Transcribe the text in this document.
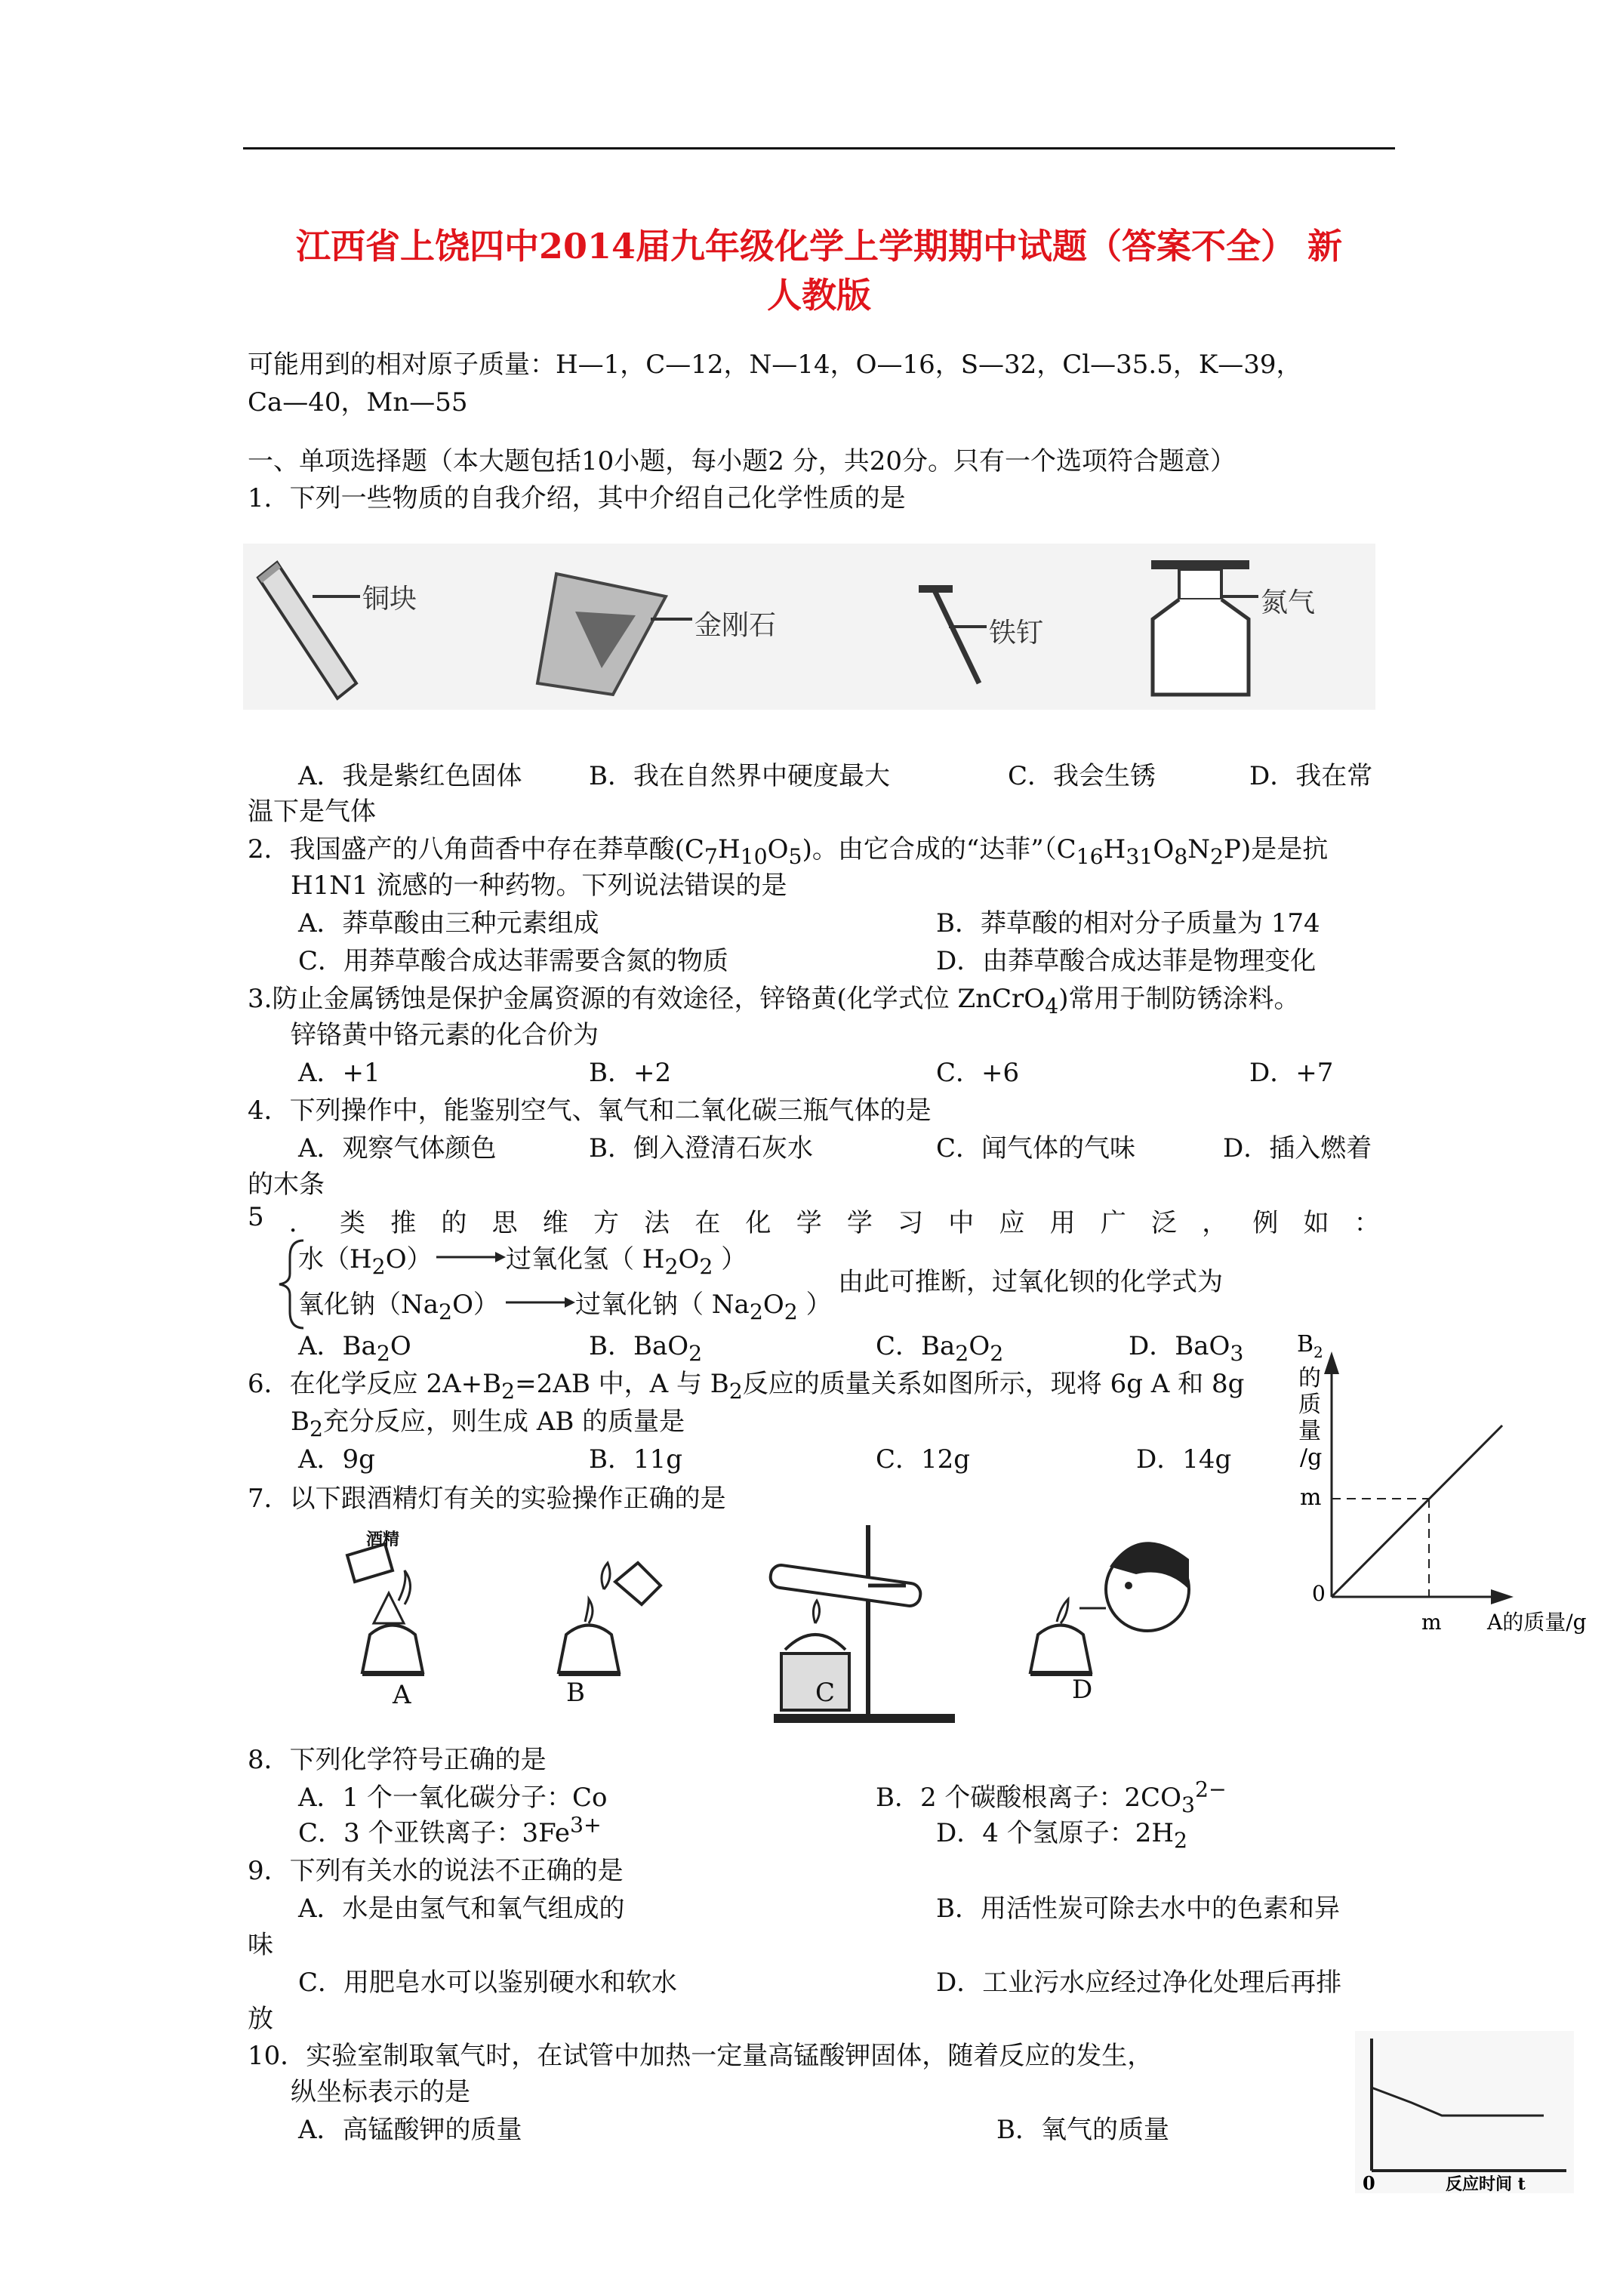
江西省上饶四中2014届九年级化学上学期期中试题（答案不全） 新
人教版
可能用到的相对原子质量：H—1，C—12，N—14，O—16，S—32，Cl—35.5，K—39，
Ca—40，Mn—55
一、单项选择题（本大题包括10小题，每小题2 分，共20分。只有一个选项符合题意）
1．下列一些物质的自我介绍，其中介绍自己化学性质的是
铜块
金刚石	铁钉
氮气
A．我是紫红色固体	B．我在自然界中硬度最大	C．我会生锈	D．我在常
温下是气体
2．我国盛产的八角茴香中存在莽草酸$(C_7H_{10}O_5)$。由它合成的“达菲$”(C_{16}H_{31}O_8N_2P)$是是抗
H1N1 流感的一种药物。下列说法错误的是
A．莽草酸由三种元素组成	B．莽草酸的相对分子质量为 174
C．用莽草酸合成达菲需要含氮的物质	D．由莽草酸合成达菲是物理变化
3.防止金属锈蚀是保护金属资源的有效途径，锌铬黄(化学式位 ZnCrO$_4$)常用于制防锈涂料。
锌铬黄中铬元素的化合价为
A．+1	B．+2	C．+6	D．+7
4．下列操作中，能鉴别空气、氧气和二氧化碳三瓶气体的是
A．观察气体颜色	B．倒入澄清石灰水	C．闻气体的气味	D．插入燃着
的木条
5 ． 类 推 的 思 维 方 法 在 化 学 学 习 中 应 用 广 泛 ， 例 如 ：
水$(H_2O)$	过氧化氢（ $H_2O_2$ ）
由此可推断，过氧化钡的化学式为
氧化钠$(Na_2O)$	过氧化钠（ $Na_2O_2$ ）
A．$Ba_2O$	B．BaO$_2$	C．$Ba_2O_2$	D．BaO$_3$
6．在化学反应 $2A+B_2=2AB$ 中，A 与 $B_2$反应的质量关系如图所示，现将 6g A 和 8g
$B_2$充分反应，则生成 AB 的质量是
A．9g	B．11g	C．12g	D．14g
$B_2$
的
质
量
/g
m
0
m A的质量/g
7．以下跟酒精灯有关的实验操作正确的是
酒精
A	B	C	D
8．下列化学符号正确的是
A．1 个一氧化碳分子：Co	B．2 个碳酸根离子：$2CO_3^{2-}$
C．3 个亚铁离子：$3Fe^{3+}$	D．4 个氢原子：$2H_2$
9．下列有关水的说法不正确的是
A．水是由氢气和氧气组成的	B．用活性炭可除去水中的色素和异
味
C．用肥皂水可以鉴别硬水和软水	D．工业污水应经过净化处理后再排
放
10．实验室制取氧气时，在试管中加热一定量高锰酸钾固体，随着反应的发生，
纵坐标表示的是
A．高锰酸钾的质量	B．氧气的质量
0	反应时间 t
